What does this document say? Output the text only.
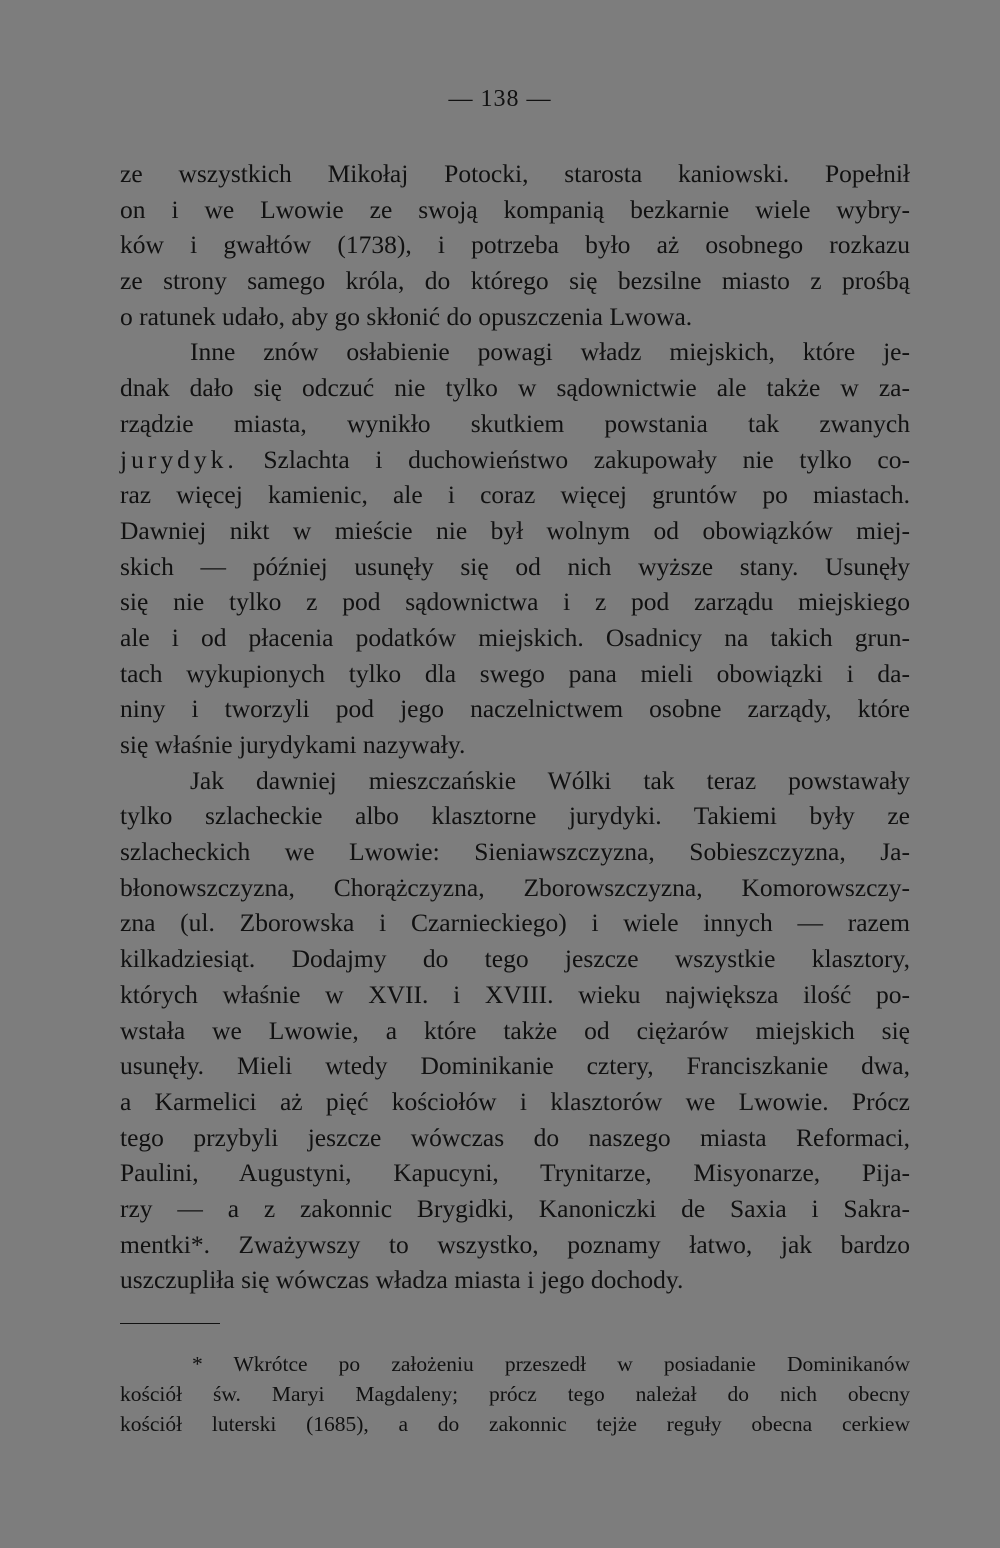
— 138 —
ze wszystkich Mikołaj Potocki, starosta kaniowski. Popełnił
on i we Lwowie ze swoją kompanią bezkarnie wiele wybry-
ków i gwałtów (1738), i potrzeba było aż osobnego rozkazu
ze strony samego króla, do którego się bezsilne miasto z prośbą
o ratunek udało, aby go skłonić do opuszczenia Lwowa.
Inne znów osłabienie powagi władz miejskich, które je-
dnak dało się odczuć nie tylko w sądownictwie ale także w za-
rządzie miasta, wynikło skutkiem powstania tak zwanych
jurydyk. Szlachta i duchowieństwo zakupowały nie tylko co-
raz więcej kamienic, ale i coraz więcej gruntów po miastach.
Dawniej nikt w mieście nie był wolnym od obowiązków miej-
skich — później usunęły się od nich wyższe stany. Usunęły
się nie tylko z pod sądownictwa i z pod zarządu miejskiego
ale i od płacenia podatków miejskich. Osadnicy na takich grun-
tach wykupionych tylko dla swego pana mieli obowiązki i da-
niny i tworzyli pod jego naczelnictwem osobne zarządy, które
się właśnie jurydykami nazywały.
Jak dawniej mieszczańskie Wólki tak teraz powstawały
tylko szlacheckie albo klasztorne jurydyki. Takiemi były ze
szlacheckich we Lwowie: Sieniawszczyzna, Sobieszczyzna, Ja-
błonowszczyzna, Chorążczyzna, Zborowszczyzna, Komorowszczy-
zna (ul. Zborowska i Czarnieckiego) i wiele innych — razem
kilkadziesiąt. Dodajmy do tego jeszcze wszystkie klasztory,
których właśnie w XVII. i XVIII. wieku największa ilość po-
wstała we Lwowie, a które także od ciężarów miejskich się
usunęły. Mieli wtedy Dominikanie cztery, Franciszkanie dwa,
a Karmelici aż pięć kościołów i klasztorów we Lwowie. Prócz
tego przybyli jeszcze wówczas do naszego miasta Reformaci,
Paulini, Augustyni, Kapucyni, Trynitarze, Misyonarze, Pija-
rzy — a z zakonnic Brygidki, Kanoniczki de Saxia i Sakra-
mentki*. Zważywszy to wszystko, poznamy łatwo, jak bardzo
uszczupliła się wówczas władza miasta i jego dochody.
* Wkrótce po założeniu przeszedł w posiadanie Dominikanów
kościół św. Maryi Magdaleny; prócz tego należał do nich obecny
kościół luterski (1685), a do zakonnic tejże reguły obecna cerkiew
